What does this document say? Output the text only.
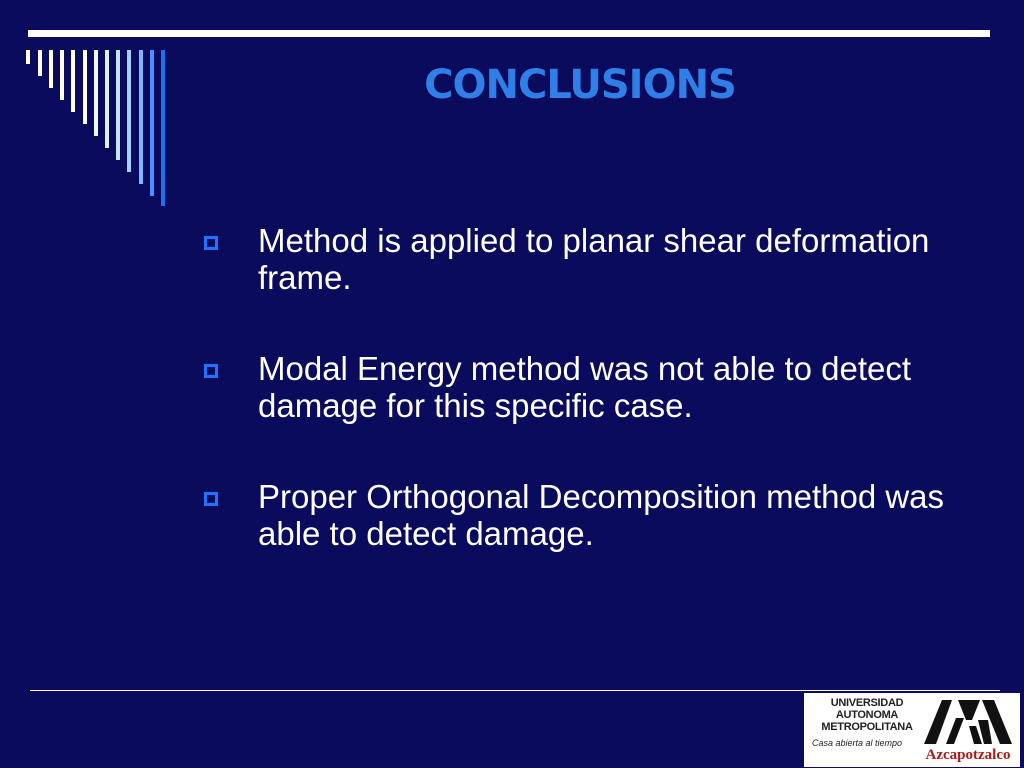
CONCLUSIONS
Method is applied to planar shear deformation frame.
Modal Energy method was not able to detect damage for this specific case.
Proper Orthogonal Decomposition method was able to detect damage.
UNIVERSIDAD
AUTONOMA
METROPOLITANA
Casa abierta al tiempo
Azcapotzalco
